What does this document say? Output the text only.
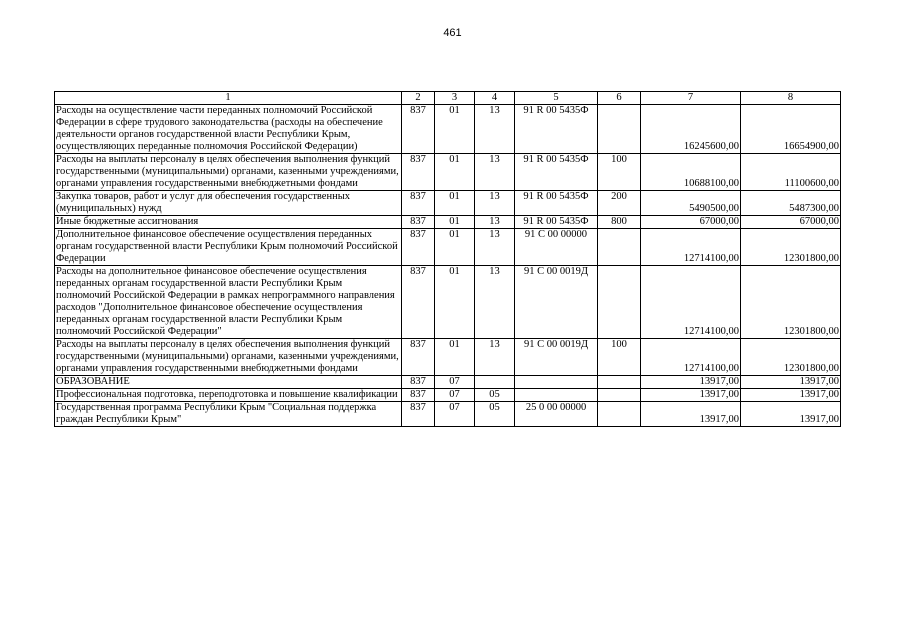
461
1	2	3	4	5	6	7	8
Расходы на осуществление части переданных полномочий Российской Федерации в сфере трудового законодательства (расходы на обеспечение деятельности органов государственной власти Республики Крым, осуществляющих переданные полномочия Российской Федерации)	837	01	13	91 R 00 5435Ф		16245600,00	16654900,00
Расходы на выплаты персоналу в целях обеспечения выполнения функций государственными (муниципальными) органами, казенными учреждениями, органами управления государственными внебюджетными фондами	837	01	13	91 R 00 5435Ф	100	10688100,00	11100600,00
Закупка товаров, работ и услуг для обеспечения государственных (муниципальных) нужд	837	01	13	91 R 00 5435Ф	200	5490500,00	5487300,00
Иные бюджетные ассигнования	837	01	13	91 R 00 5435Ф	800	67000,00	67000,00
Дополнительное финансовое обеспечение осуществления переданных органам государственной власти Республики Крым полномочий Российской Федерации	837	01	13	91 С 00 00000		12714100,00	12301800,00
Расходы на дополнительное финансовое обеспечение осуществления переданных органам государственной власти Республики Крым полномочий Российской Федерации в рамках непрограммного направления расходов "Дополнительное финансовое обеспечение осуществления переданных органам государственной власти Республики Крым полномочий Российской Федерации"	837	01	13	91 С 00 0019Д		12714100,00	12301800,00
Расходы на выплаты персоналу в целях обеспечения выполнения функций государственными (муниципальными) органами, казенными учреждениями, органами управления государственными внебюджетными фондами	837	01	13	91 С 00 0019Д	100	12714100,00	12301800,00
ОБРАЗОВАНИЕ	837	07				13917,00	13917,00
Профессиональная подготовка, переподготовка и повышение квалификации	837	07	05			13917,00	13917,00
Государственная программа Республики Крым "Социальная поддержка граждан Республики Крым"	837	07	05	25 0 00 00000		13917,00	13917,00
